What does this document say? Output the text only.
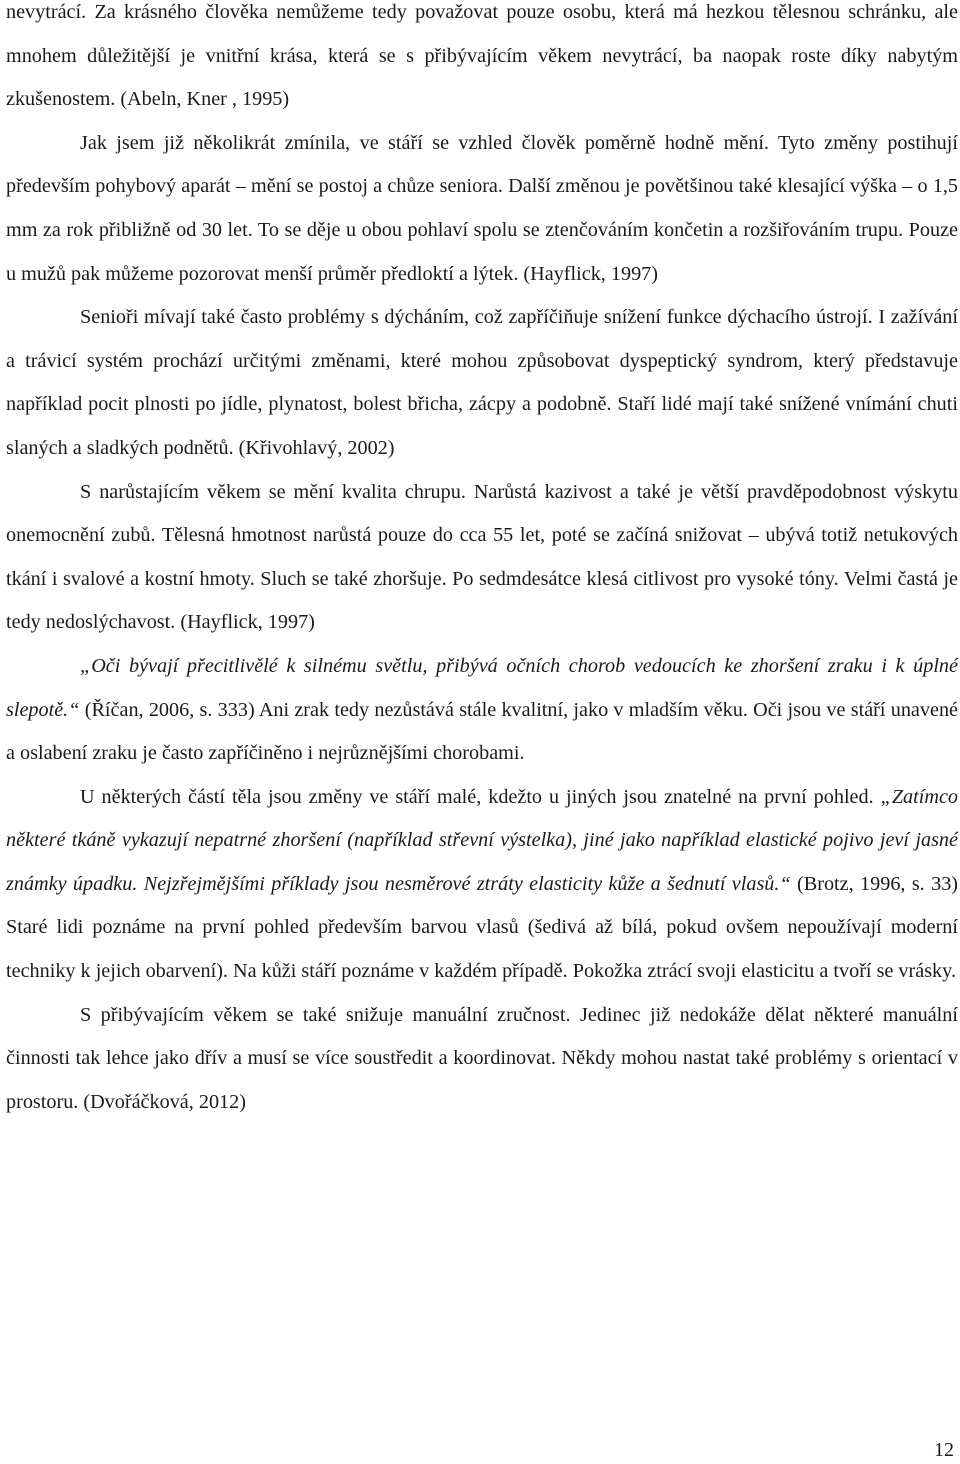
nevytrácí. Za krásného člověka nemůžeme tedy považovat pouze osobu, která má hezkou tělesnou schránku, ale mnohem důležitější je vnitřní krása, která se s přibývajícím věkem nevytrácí, ba naopak roste díky nabytým zkušenostem. (Abeln, Kner , 1995)

Jak jsem již několikrát zmínila, ve stáří se vzhled člověk poměrně hodně mění. Tyto změny postihují především pohybový aparát – mění se postoj a chůze seniora. Další změnou je povětšinou také klesající výška – o 1,5 mm za rok přibližně od 30 let. To se děje u obou pohlaví spolu se ztenčováním končetin a rozšiřováním trupu. Pouze u mužů pak můžeme pozorovat menší průměr předloktí a lýtek. (Hayflick, 1997)

Senioři mívají také často problémy s dýcháním, což zapříčiňuje snížení funkce dýchacího ústrojí. I zažívání a trávicí systém prochází určitými změnami, které mohou způsobovat dyspeptický syndrom, který představuje například pocit plnosti po jídle, plynatost, bolest břicha, zácpy a podobně. Staří lidé mají také snížené vnímání chuti slaných a sladkých podnětů. (Křivohlavý, 2002)

S narůstajícím věkem se mění kvalita chrupu. Narůstá kazivost a také je větší pravděpodobnost výskytu onemocnění zubů. Tělesná hmotnost narůstá pouze do cca 55 let, poté se začíná snižovat – ubývá totiž netukových tkání i svalové a kostní hmoty. Sluch se také zhoršuje. Po sedmdesátce klesá citlivost pro vysoké tóny. Velmi častá je tedy nedoslýchavost. (Hayflick, 1997)

„Oči bývají přecitlivělé k silnému světlu, přibývá očních chorob vedoucích ke zhoršení zraku i k úplné slepotě.“ (Říčan, 2006, s. 333) Ani zrak tedy nezůstává stále kvalitní, jako v mladším věku. Oči jsou ve stáří unavené a oslabení zraku je často zapříčiněno i nejrůznějšími chorobami.

U některých částí těla jsou změny ve stáří malé, kdežto u jiných jsou znatelné na první pohled. „Zatímco některé tkáně vykazují nepatrné zhoršení (například střevní výstelka), jiné jako například elastické pojivo jeví jasné známky úpadku. Nejzřejmějšími příklady jsou nesměrové ztráty elasticity kůže a šednutí vlasů.“ (Brotz, 1996, s. 33) Staré lidi poznáme na první pohled především barvou vlasů (šedivá až bílá, pokud ovšem nepoužívají moderní techniky k jejich obarvení). Na kůži stáří poznáme v každém případě. Pokožka ztrácí svoji elasticitu a tvoří se vrásky.

S přibývajícím věkem se také snižuje manuální zručnost. Jedinec již nedokáže dělat některé manuální činnosti tak lehce jako dřív a musí se více soustředit a koordinovat. Někdy mohou nastat také problémy s orientací v prostoru. (Dvořáčková, 2012)

12
